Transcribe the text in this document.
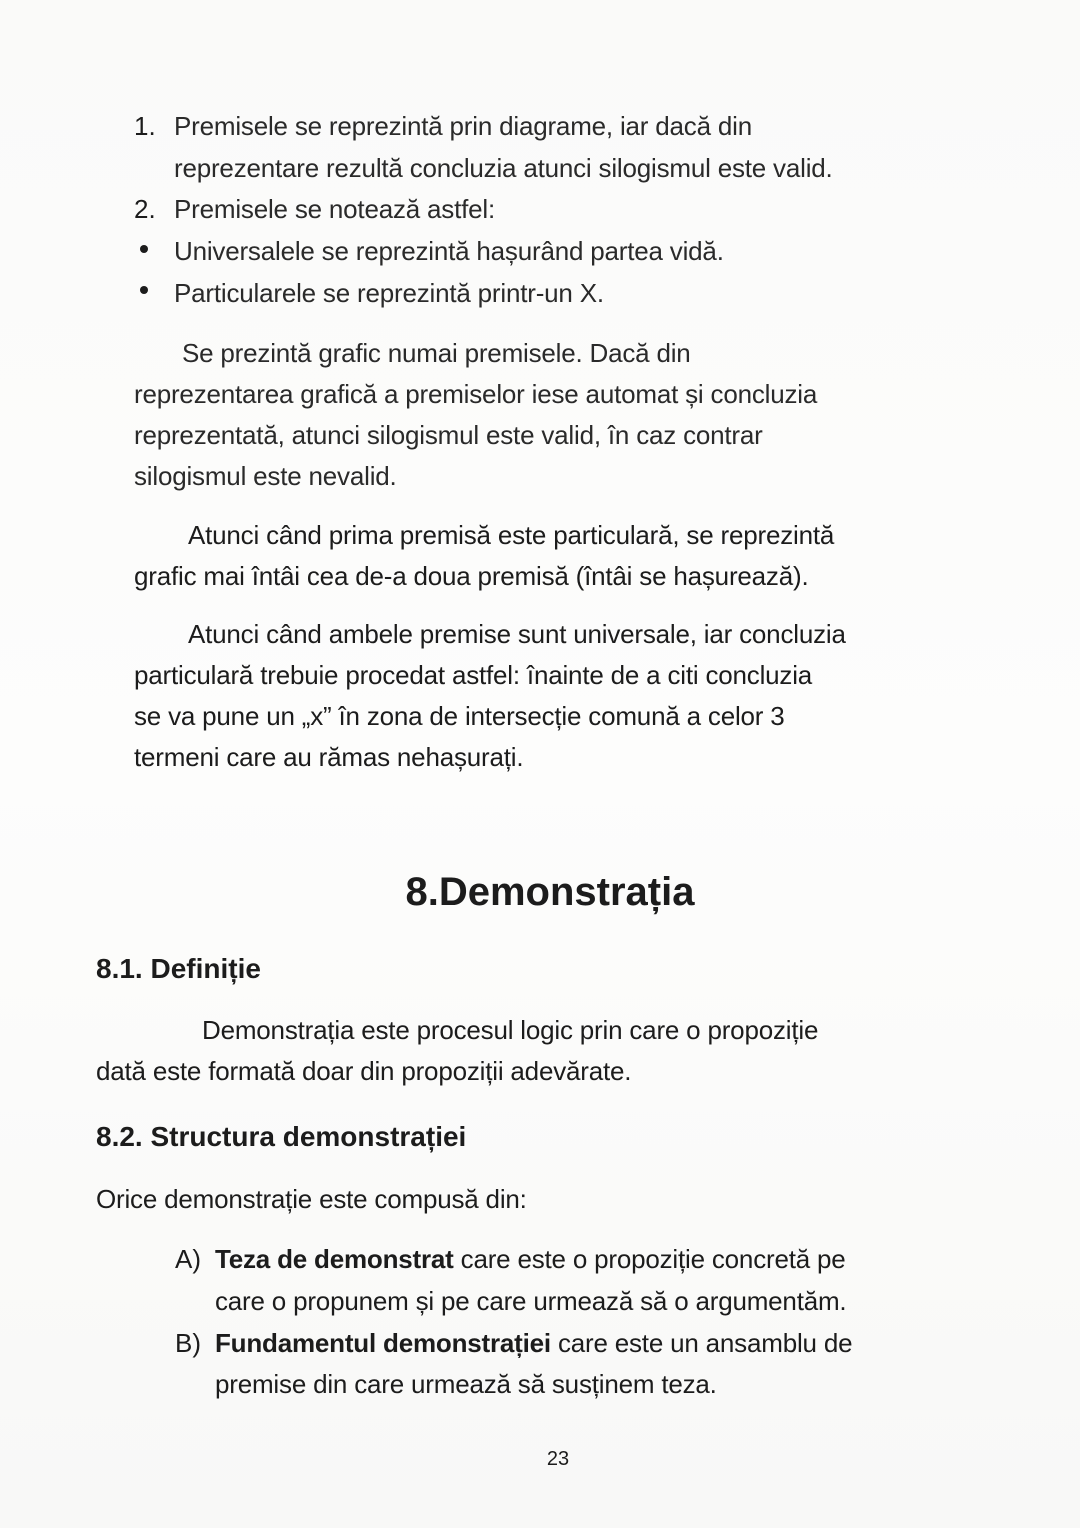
1. Premisele se reprezintă prin diagrame, iar dacă din
reprezentare rezultă concluzia atunci silogismul este valid.
2. Premisele se notează astfel:
Universalele se reprezintă hașurând partea vidă.
Particularele se reprezintă printr-un X.
Se prezintă grafic numai premisele. Dacă din
reprezentarea grafică a premiselor iese automat și concluzia
reprezentată, atunci silogismul este valid, în caz contrar
silogismul este nevalid.
Atunci când prima premisă este particulară, se reprezintă
grafic mai întâi cea de-a doua premisă (întâi se hașurează).
Atunci când ambele premise sunt universale, iar concluzia
particulară trebuie procedat astfel: înainte de a citi concluzia
se va pune un „x” în zona de intersecție comună a celor 3
termeni care au rămas nehașurați.
8.Demonstrația
8.1. Definiție
Demonstrația este procesul logic prin care o propoziție
dată este formată doar din propoziții adevărate.
8.2. Structura demonstrației
Orice demonstrație este compusă din:
A) Teza de demonstrat care este o propoziție concretă pe
care o propunem și pe care urmează să o argumentăm.
B) Fundamentul demonstrației care este un ansamblu de
premise din care urmează să susținem teza.
23
